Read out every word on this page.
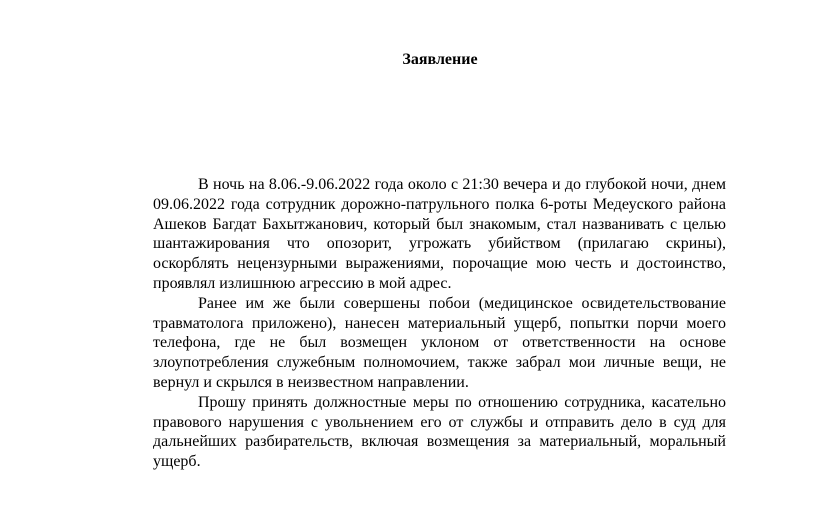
Заявление

В ночь на 8.06.-9.06.2022 года около с 21:30 вечера и до глубокой ночи, днем 09.06.2022 года сотрудник дорожно-патрульного полка 6-роты Медеуского района Ашеков Багдат Бахытжанович, который был знакомым, стал названивать с целью шантажирования что опозорит, угрожать убийством (прилагаю скрины), оскорблять нецензурными выражениями, порочащие мою честь и достоинство, проявлял излишнюю агрессию в мой адрес.

Ранее им же были совершены побои (медицинское освидетельствование травматолога приложено), нанесен материальный ущерб, попытки порчи моего телефона, где не был возмещен уклоном от ответственности на основе злоупотребления служебным полномочием, также забрал мои личные вещи, не вернул и скрылся в неизвестном направлении.

Прошу принять должностные меры по отношению сотрудника, касательно правового нарушения с увольнением его от службы и отправить дело в суд для дальнейших разбирательств, включая возмещения за материальный, моральный ущерб.
